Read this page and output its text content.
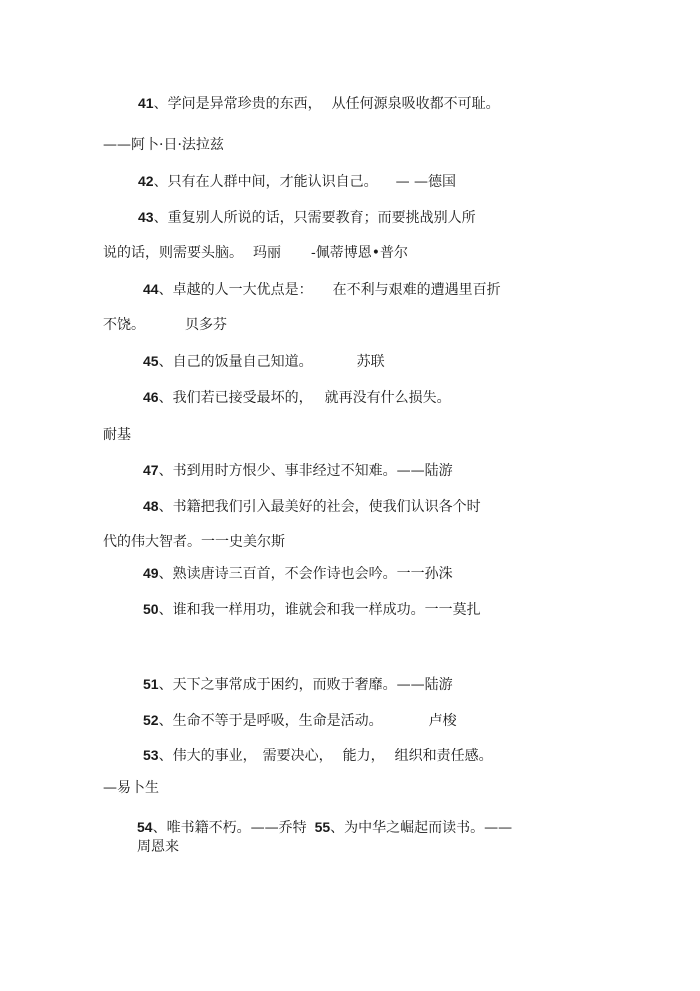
41、学问是异常珍贵的东西， 从任何源泉吸收都不可耻。
——阿卜·日·法拉兹
42、只有在人群中间，才能认识自己。 — —德国
43、重复别人所说的话，只需要教育；而要挑战别人所
说的话，则需要头脑。 玛丽 -佩蒂博恩•普尔
44、卓越的人一大优点是： 在不利与艰难的遭遇里百折
不饶。	贝多芬
45、自己的饭量自己知道。	苏联
46、我们若已接受最坏的， 就再没有什么损失。
耐基
47、书到用时方恨少、事非经过不知难。——陆游
48、书籍把我们引入最美好的社会，使我们认识各个时
代的伟大智者。一一史美尔斯
49、熟读唐诗三百首，不会作诗也会吟。一一孙洙
50、谁和我一样用功，谁就会和我一样成功。一一莫扎
51、天下之事常成于困约，而败于奢靡。——陆游
52、生命不等于是呼吸，生命是活动。	卢梭
53、伟大的事业， 需要决心， 能力， 组织和责任感。
—易卜生
54、唯书籍不朽。——乔特 55、为中华之崛起而读书。——
周恩来
